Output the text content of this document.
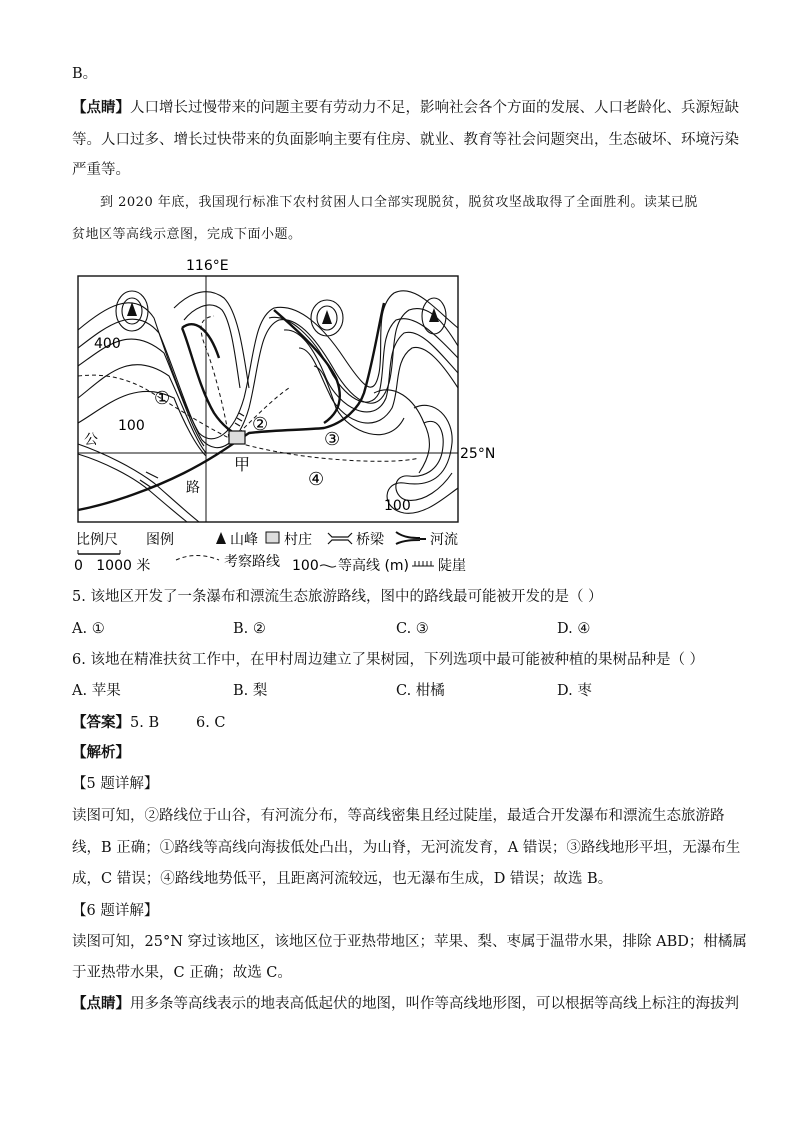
B。
【点睛】人口增长过慢带来的问题主要有劳动力不足，影响社会各个方面的发展、人口老龄化、兵源短缺
等。人口过多、增长过快带来的负面影响主要有住房、就业、教育等社会问题突出，生态破坏、环境污染
严重等。
到 2020 年底，我国现行标准下农村贫困人口全部实现脱贫，脱贫攻坚战取得了全面胜利。读某已脱
贫地区等高线示意图，完成下面小题。
116°E
25°N
公
路
甲
①
②
③
④
400
100
100
比例尺 图例	山峰 村庄	桥梁	河流
0   1000 米	考察路线 100 等高线 (m) 陡崖
5. 该地区开发了一条瀑布和漂流生态旅游路线，图中的路线最可能被开发的是（ ）
A. ①	B. ②	C. ③	D. ④
6. 该地在精准扶贫工作中，在甲村周边建立了果树园，下列选项中最可能被种植的果树品种是（ ）
A. 苹果	B. 梨	C. 柑橘	D. 枣
【答案】5. B        6. C
【解析】
【5 题详解】
读图可知，②路线位于山谷，有河流分布，等高线密集且经过陡崖，最适合开发瀑布和漂流生态旅游路
线，B 正确；①路线等高线向海拔低处凸出，为山脊，无河流发育，A 错误；③路线地形平坦，无瀑布生
成，C 错误；④路线地势低平，且距离河流较远，也无瀑布生成，D 错误；故选 B。
【6 题详解】
读图可知，25°N 穿过该地区，该地区位于亚热带地区；苹果、梨、枣属于温带水果，排除 ABD；柑橘属
于亚热带水果，C 正确；故选 C。
【点睛】用多条等高线表示的地表高低起伏的地图，叫作等高线地形图，可以根据等高线上标注的海拔判
